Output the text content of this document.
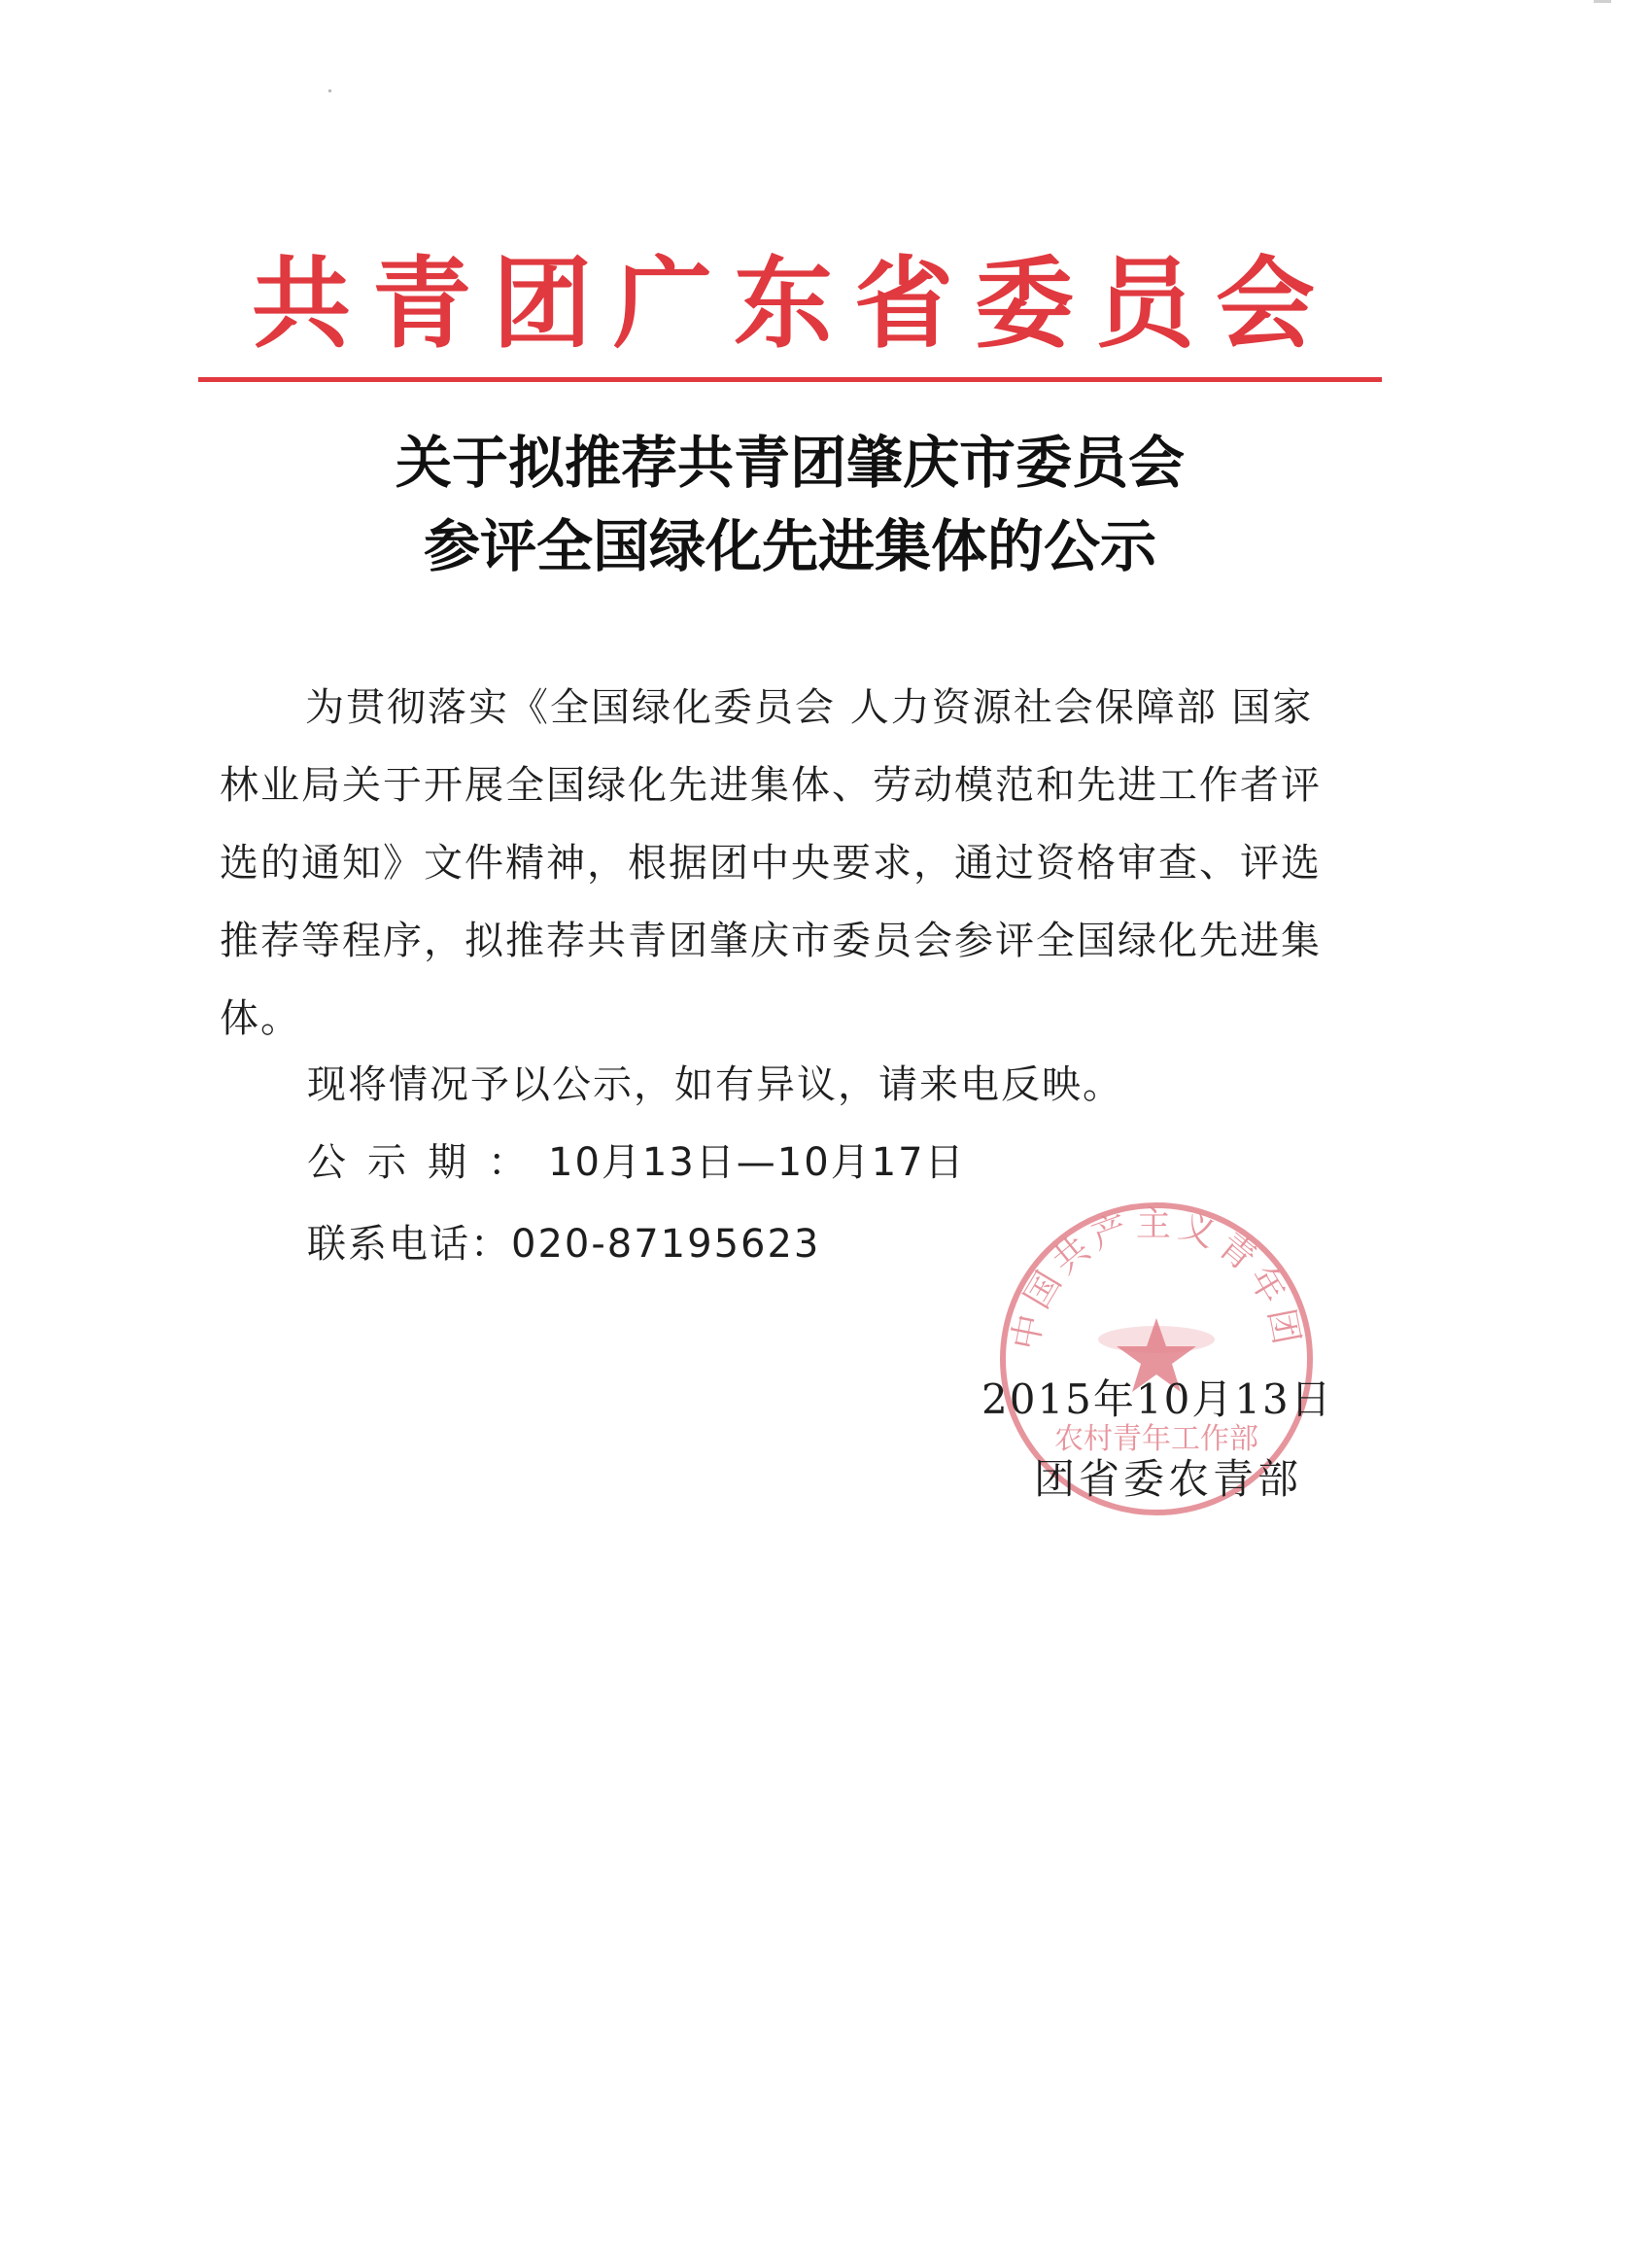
共青团广东省委员会
关于拟推荐共青团肇庆市委员会
参评全国绿化先进集体的公示
为贯彻落实《全国绿化委员会 人力资源社会保障部 国家林业局关于开展全国绿化先进集体、劳动模范和先进工作者评选的通知》文件精神，根据团中央要求，通过资格审查、评选推荐等程序，拟推荐共青团肇庆市委员会参评全国绿化先进集体。
现将情况予以公示，如有异议，请来电反映。
公示期：10月13日—10月17日
联系电话：020-87195623
中国共产主义青年团
农村青年工作部
2015年10月13日
团省委农青部
